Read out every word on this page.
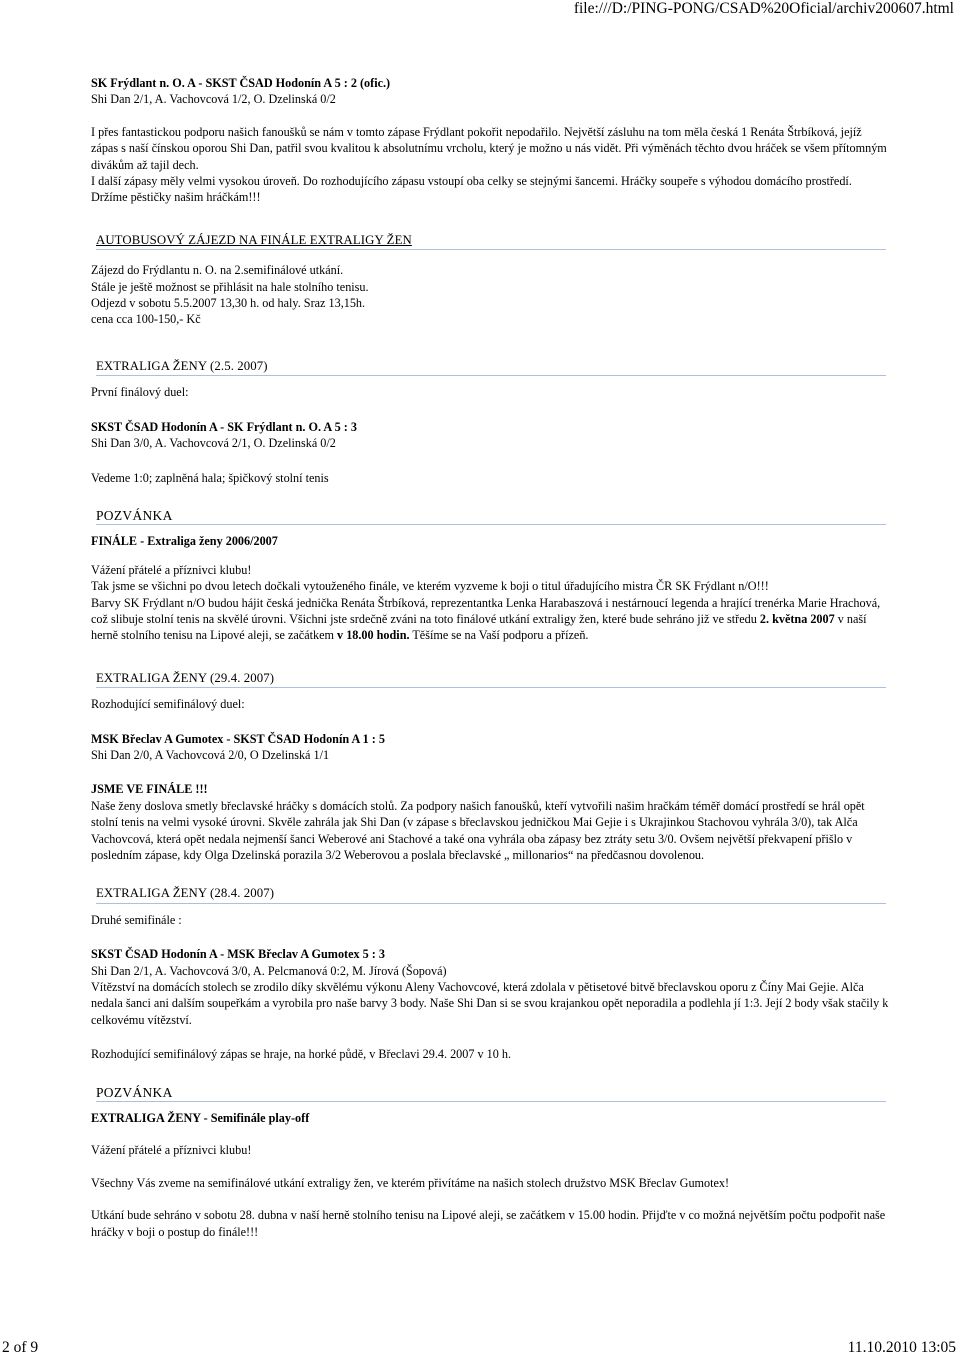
file:///D:/PING-PONG/CSAD%20Oficial/archiv200607.html

SK Frýdlant n. O. A - SKST ČSAD Hodonín A 5 : 2 (ofic.)

Shi Dan 2/1, A. Vachovcová 1/2, O. Dzelinská 0/2

I přes fantastickou podporu našich fanoušků se nám v tomto zápase Frýdlant pokořit nepodařilo. Největší zásluhu na tom měla česká 1 Renáta Štrbíková, jejíž zápas s naší čínskou oporou Shi Dan, patřil svou kvalitou k absolutnímu vrcholu, který je možno u nás vidět. Při výměnách těchto dvou hráček se všem přítomným divákům až tajil dech.

I další zápasy měly velmi vysokou úroveň. Do rozhodujícího zápasu vstoupí oba celky se stejnými šancemi. Hráčky soupeře s výhodou domácího prostředí.

Držíme pěstičky našim hráčkám!!!

AUTOBUSOVÝ ZÁJEZD NA FINÁLE EXTRALIGY ŽEN

Zájezd do Frýdlantu n. O. na 2.semifinálové utkání.

Stále je ještě možnost se přihlásit na hale stolního tenisu.

Odjezd v sobotu 5.5.2007 13,30 h. od haly. Sraz 13,15h.

cena cca 100-150,- Kč

EXTRALIGA ŽENY (2.5. 2007)

První finálový duel:

SKST ČSAD Hodonín A - SK Frýdlant n. O. A 5 : 3

Shi Dan 3/0, A. Vachovcová 2/1, O. Dzelinská 0/2

Vedeme 1:0; zaplněná hala; špičkový stolní tenis

POZVÁNKA

FINÁLE - Extraliga ženy 2006/2007

Vážení přátelé a příznivci klubu!

Tak jsme se všichni po dvou letech dočkali vytouženého finále, ve kterém vyzveme k boji o titul úřadujícího mistra ČR SK Frýdlant n/O!!!

Barvy SK Frýdlant n/O budou hájit česká jednička Renáta Štrbíková, reprezentantka Lenka Harabaszová i nestárnoucí legenda a hrající trenérka Marie Hrachová, což slibuje stolní tenis na skvělé úrovni. Všichni jste srdečně zváni na toto finálové utkání extraligy žen, které bude sehráno již ve středu 2. května 2007 v naší herně stolního tenisu na Lipové aleji, se začátkem v 18.00 hodin. Těšíme se na Vaší podporu a přízeň.

EXTRALIGA ŽENY (29.4. 2007)

Rozhodující semifinálový duel:

MSK Břeclav A Gumotex - SKST ČSAD Hodonín A 1 : 5

Shi Dan 2/0, A Vachovcová 2/0, O Dzelinská 1/1

JSME VE FINÁLE !!!

Naše ženy doslova smetly břeclavské hráčky s domácích stolů. Za podpory našich fanoušků, kteří vytvořili našim hračkám téměř domácí prostředí se hrál opět stolní tenis na velmi vysoké úrovni. Skvěle zahrála jak Shi Dan (v zápase s břeclavskou jedničkou Mai Gejie i s Ukrajinkou Stachovou vyhrála 3/0), tak Alča Vachovcová, která opět nedala nejmenší šanci Weberové ani Stachové a také ona vyhrála oba zápasy bez ztráty setu 3/0. Ovšem největší překvapení přišlo v posledním zápase, kdy Olga Dzelinská porazila 3/2 Weberovou a poslala břeclavské „ millonarios“ na předčasnou dovolenou.

EXTRALIGA ŽENY (28.4. 2007)

Druhé semifinále :

SKST ČSAD Hodonín A - MSK Břeclav A Gumotex 5 : 3

Shi Dan 2/1, A. Vachovcová 3/0, A. Pelcmanová 0:2, M. Jírová (Šopová)

Vítězství na domácích stolech se zrodilo díky skvělému výkonu Aleny Vachovcové, která zdolala v pětisetové bitvě břeclavskou oporu z Číny Mai Gejie. Alča nedala šanci ani dalším soupeřkám a vyrobila pro naše barvy 3 body. Naše Shi Dan si se svou krajankou opět neporadila a podlehla jí 1:3. Její 2 body však stačily k celkovému vítězství.

Rozhodující semifinálový zápas se hraje, na horké půdě, v Břeclavi 29.4. 2007 v 10 h.

POZVÁNKA

EXTRALIGA ŽENY - Semifinále play-off

Vážení přátelé a příznivci klubu!

Všechny Vás zveme na semifinálové utkání extraligy žen, ve kterém přivítáme na našich stolech družstvo MSK Břeclav Gumotex!

Utkání bude sehráno v sobotu 28. dubna v naší herně stolního tenisu na Lipové aleji, se začátkem v 15.00 hodin. Přijďte v co možná největším počtu podpořit naše hráčky v boji o postup do finále!!!

2 of 9	11.10.2010 13:05
